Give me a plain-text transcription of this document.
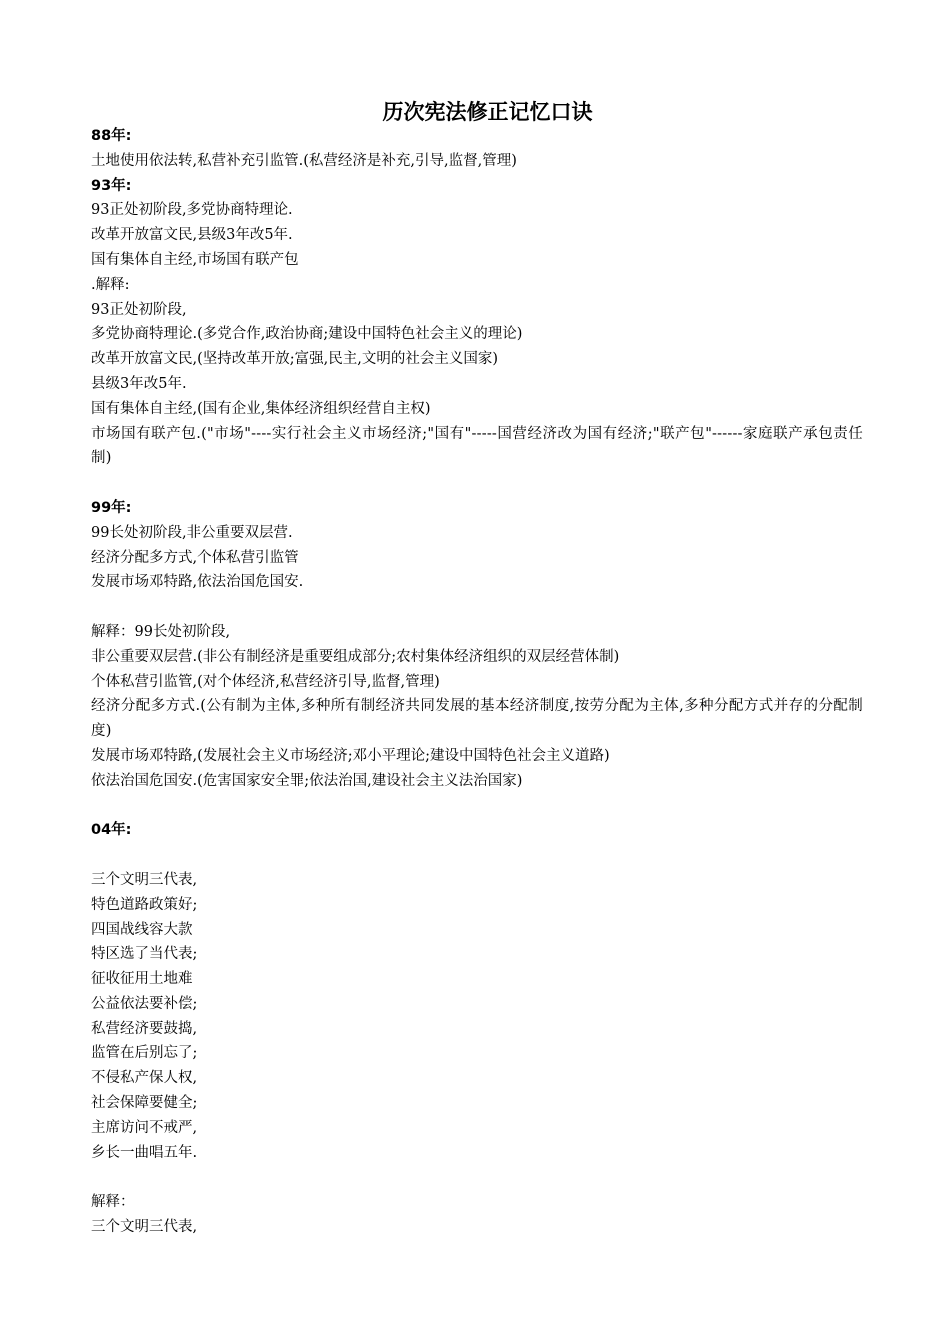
历次宪法修正记忆口诀
88年:
土地使用依法转,私营补充引监管.(私营经济是补充,引导,监督,管理)
93年:
93正处初阶段,多党协商特理论.
改革开放富文民,县级3年改5年.
国有集体自主经,市场国有联产包
.解释:
93正处初阶段,
多党协商特理论.(多党合作,政治协商;建设中国特色社会主义的理论)
改革开放富文民,(坚持改革开放;富强,民主,文明的社会主义国家)
县级3年改5年.
国有集体自主经,(国有企业,集体经济组织经营自主权)
市场国有联产包.("市场"----实行社会主义市场经济;"国有"-----国营经济改为国有经济;"联产包"------家庭联产承包责任制)
99年:
99长处初阶段,非公重要双层营.
经济分配多方式,个体私营引监管
发展市场邓特路,依法治国危国安.
解释：99长处初阶段,
非公重要双层营.(非公有制经济是重要组成部分;农村集体经济组织的双层经营体制)
个体私营引监管,(对个体经济,私营经济引导,监督,管理)
经济分配多方式.(公有制为主体,多种所有制经济共同发展的基本经济制度,按劳分配为主体,多种分配方式并存的分配制度)
发展市场邓特路,(发展社会主义市场经济;邓小平理论;建设中国特色社会主义道路)
依法治国危国安.(危害国家安全罪;依法治国,建设社会主义法治国家)
04年:
三个文明三代表,
特色道路政策好;
四国战线容大款
特区选了当代表;
征收征用土地难
公益依法要补偿;
私营经济要鼓捣,
监管在后别忘了;
不侵私产保人权,
社会保障要健全;
主席访问不戒严,
乡长一曲唱五年.
解释：
三个文明三代表,
